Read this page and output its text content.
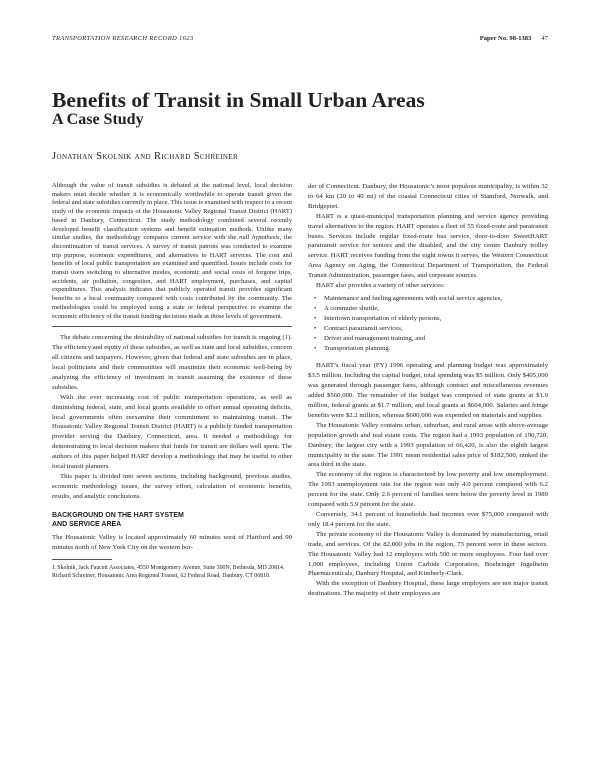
TRANSPORTATION RESEARCH RECORD 1623	Paper No. 98-1383 47
Benefits of Transit in Small Urban Areas
A Case Study
Jonathan Skolnik and Richard Schreiner

Although the value of transit subsidies is debated at the national level, local decision makers must decide whether it is economically worthwhile to operate transit given the federal and state subsidies currently in place. This issue is examined with respect to a recent study of the economic impacts of the Housatonic Valley Regional Transit District (HART) based in Danbury, Connecticut. The study methodology combined several recently developed benefit classification systems and benefit estimation methods. Unlike many similar studies, the methodology compares current service with the null hypothesis, the discontinuation of transit services. A survey of transit patrons was conducted to examine trip purpose, economic expenditures, and alternatives to HART services. The cost and benefits of local public transportation are examined and quantified. Issues include costs for transit users switching to alternative modes, economic and social costs of forgone trips, accidents, air pollution, congestion, and HART employment, purchases, and capital expenditures. This analysis indicates that publicly operated transit provides significant benefits to a local community compared with costs contributed by the community. The methodologies could be employed using a state or federal perspective to examine the economic efficiency of the transit funding decisions made at those levels of government.

The debate concerning the desirability of national subsidies for transit is ongoing (1). The efficiency and equity of these subsidies, as well as state and local subsidies, concern all citizens and taxpayers. However, given that federal and state subsidies are in place, local politicians and their communities will maximize their economic well-being by analyzing the efficiency of investment in transit assuming the existence of these subsidies.

With the ever increasing cost of public transportation operations, as well as diminishing federal, state, and local grants available to offset annual operating deficits, local governments often reexamine their commitment to maintaining transit. The Housatonic Valley Regional Transit District (HART) is a publicly funded transportation provider serving the Danbury, Connecticut, area. It needed a methodology for demonstrating to local decision makers that funds for transit are dollars well spent. The authors of this paper helped HART develop a methodology that may be useful to other local transit planners.

This paper is divided into seven sections, including background, previous studies, economic methodology issues, the survey effort, calculation of economic benefits, results, and analytic conclusions.

BACKGROUND ON THE HART SYSTEM
AND SERVICE AREA

The Housatonic Valley is located approximately 60 minutes west of Hartford and 90 minutes north of New York City on the western bor-

J. Skolnik, Jack Faucett Associates, 4550 Montgomery Avenue, Suite 300N, Bethesda, MD 20814. Richard Schreiner, Housatonic Area Regional Transit, 62 Federal Road, Danbury, CT 06810.

der of Connecticut. Danbury, the Housatonic’s most populous municipality, is within 32 to 64 km (20 to 40 mi) of the coastal Connecticut cities of Stamford, Norwalk, and Bridgeport.

HART is a quasi-municipal transportation planning and service agency providing travel alternatives to the region. HART operates a fleet of 55 fixed-route and paratransit buses. Services include regular fixed-route bus service, door-to-door SweetHART paratransit service for seniors and the disabled, and the city center Danbury trolley service. HART receives funding from the eight towns it serves, the Western Connecticut Area Agency on Aging, the Connecticut Department of Transportation, the Federal Transit Administration, passenger fares, and corporate sources.

HART also provides a variety of other services:

• Maintenance and fueling agreements with social service agencies,
• A commuter shuttle,
• Intertown transportation of elderly persons,
• Contract paratransit services,
• Driver and management training, and
• Transportation planning.

HART’s fiscal year (FY) 1996 operating and planning budget was approximately $3.5 million. Including the capital budget, total spending was $5 million. Only $405,000 was generated through passenger fares, although contract and miscellaneous revenues added $560,000. The remainder of the budget was composed of state grants at $1.9 million, federal grants at $1.7 million, and local grants at $604,000. Salaries and fringe benefits were $2.2 million, whereas $600,000 was expended on materials and supplies.

The Housatonic Valley contains urban, suburban, and rural areas with above-average population growth and real estate costs. The region had a 1993 population of 190,720. Danbury, the largest city with a 1993 population of 66,420, is also the eighth largest municipality in the state. The 1991 mean residential sales price of $182,500, ranked the area third in the state.

The economy of the region is characterized by low poverty and low unemployment. The 1993 unemployment rate for the region was only 4.0 percent compared with 6.2 percent for the state. Only 2.6 percent of families were below the poverty level in 1989 compared with 5.9 percent for the state.

Conversely, 34.1 percent of households had incomes over $75,000 compared with only 18.4 percent for the state.

The private economy of the Housatonic Valley is dominated by manufacturing, retail trade, and services. Of the 82,000 jobs in the region, 73 percent were in these sectors. The Housatonic Valley had 12 employers with 500 or more employees. Four had over 1,000 employees, including Union Carbide Corporation, Boehringer Ingelheim Pharmaceuticals, Danbury Hospital, and Kimberly-Clark.

With the exception of Danbury Hospital, these large employers are not major transit destinations. The majority of their employees are
